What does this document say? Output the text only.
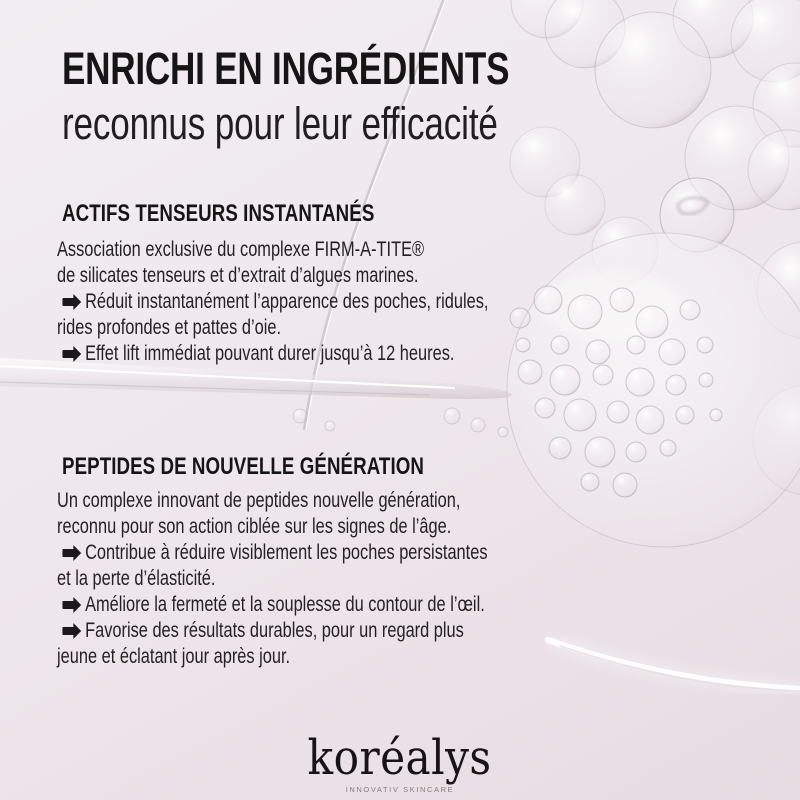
ENRICHI EN INGRÉDIENTS
reconnus pour leur efficacité
ACTIFS TENSEURS INSTANTANÉS

Association exclusive du complexe FIRM-A-TITE®

de silicates tenseurs et d’extrait d’algues marines.

Réduit instantanément l’apparence des poches, ridules,

rides profondes et pattes d’oie.

Effet lift immédiat pouvant durer jusqu’à 12 heures.

PEPTIDES DE NOUVELLE GÉNÉRATION

Un complexe innovant de peptides nouvelle génération,

reconnu pour son action ciblée sur les signes de l’âge.

Contribue à réduire visiblement les poches persistantes

et la perte d’élasticité.

Améliore la fermeté et la souplesse du contour de l’œil.

Favorise des résultats durables, pour un regard plus

jeune et éclatant jour après jour.

koréalys

INNOVATIV SKINCARE
